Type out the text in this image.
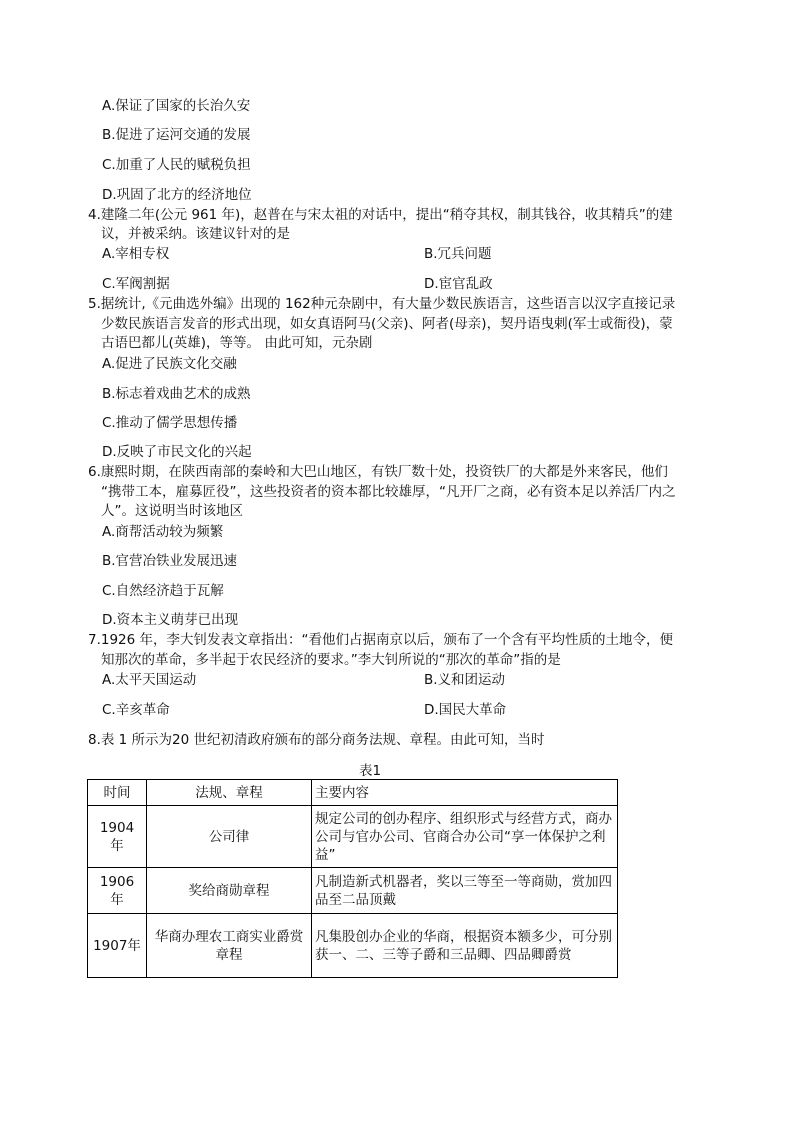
A.保证了国家的长治久安
B.促进了运河交通的发展
C.加重了人民的赋税负担
D.巩固了北方的经济地位
4.建隆二年(公元 961 年)，赵普在与宋太祖的对话中，提出“稍夺其权，制其钱谷，收其精兵”的建
议，并被采纳。该建议针对的是
A.宰相专权	B.冗兵问题
C.军阀割据	D.宦官乱政
5.据统计,《元曲选外编》出现的 162种元杂剧中，有大量少数民族语言，这些语言以汉字直接记录
少数民族语言发音的形式出现，如女真语阿马(父亲)、阿者(母亲)，契丹语曳剌(军士或衙役)，蒙
古语巴都儿(英雄)，等等。 由此可知，元杂剧
A.促进了民族文化交融
B.标志着戏曲艺术的成熟
C.推动了儒学思想传播
D.反映了市民文化的兴起
6.康熙时期，在陕西南部的秦岭和大巴山地区，有铁厂数十处，投资铁厂的大都是外来客民，他们
“携带工本，雇募匠役”，这些投资者的资本都比较雄厚，“凡开厂之商，必有资本足以养活厂内之
人”。这说明当时该地区
A.商帮活动较为频繁
B.官营冶铁业发展迅速
C.自然经济趋于瓦解
D.资本主义萌芽已出现
7.1926 年，李大钊发表文章指出：“看他们占据南京以后，颁布了一个含有平均性质的土地令，便
知那次的革命，多半起于农民经济的要求。”李大钊所说的“那次的革命”指的是
A.太平天国运动	B.义和团运动
C.辛亥革命	D.国民大革命
8.表 1 所示为20 世纪初清政府颁布的部分商务法规、章程。由此可知，当时
表1
时间	法规、章程	主要内容
1904 年	公司律	规定公司的创办程序、组织形式与经营方式，商办公司与官办公司、官商合办公司“享一体保护之利益”
1906 年	奖给商勋章程	凡制造新式机器者，奖以三等至一等商勋，赏加四品至二品顶戴
1907年	华商办理农工商实业爵赏章程	凡集股创办企业的华商，根据资本额多少，可分别获一、二、三等子爵和三品卿、四品卿爵赏
